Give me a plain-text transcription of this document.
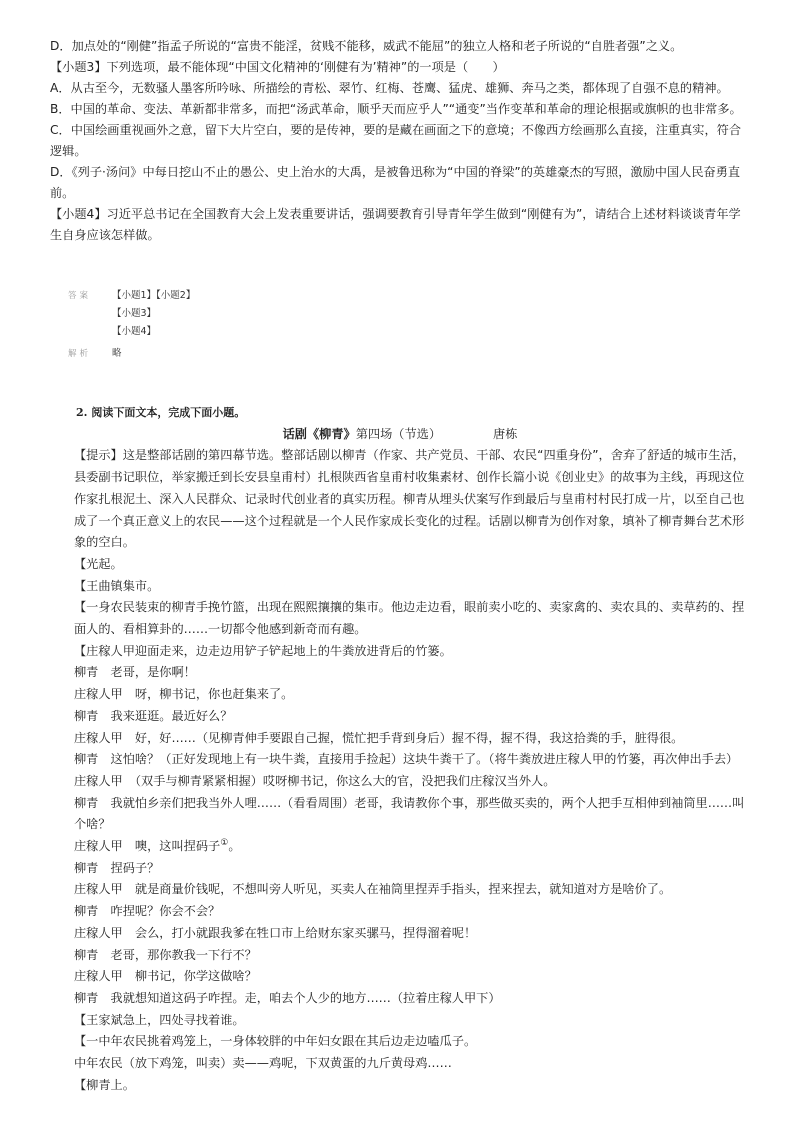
D．加点处的“刚健”指孟子所说的“富贵不能淫，贫贱不能移，威武不能屈”的独立人格和老子所说的“自胜者强”之义。

【小题3】下列选项，最不能体现“中国文化精神的‘刚健有为’精神”的一项是（　　）

A．从古至今，无数骚人墨客所吟咏、所描绘的青松、翠竹、红梅、苍鹰、猛虎、雄狮、奔马之类，都体现了自强不息的精神。

B．中国的革命、变法、革新都非常多，而把“汤武革命，顺乎天而应乎人”“通变”当作变革和革命的理论根据或旗帜的也非常多。

C．中国绘画重视画外之意，留下大片空白，要的是传神，要的是藏在画面之下的意境；不像西方绘画那么直接，注重真实，符合逻辑。

D．《列子·汤问》中每日挖山不止的愚公、史上治水的大禹，是被鲁迅称为“中国的脊梁”的英雄豪杰的写照，激励中国人民奋勇直前。

【小题4】习近平总书记在全国教育大会上发表重要讲话，强调要教育引导青年学生做到“刚健有为”，请结合上述材料谈谈青年学生自身应该怎样做。

答案 【小题1】【小题2】
【小题3】
【小题4】
解析 略

2. 阅读下面文本，完成下面小题。

话剧《柳青》第四场（节选）	唐栋

【提示】这是整部话剧的第四幕节选。整部话剧以柳青（作家、共产党员、干部、农民“四重身份”，舍弃了舒适的城市生活，县委副书记职位，举家搬迁到长安县皇甫村）扎根陕西省皇甫村收集素材、创作长篇小说《创业史》的故事为主线，再现这位作家扎根泥土、深入人民群众、记录时代创业者的真实历程。柳青从埋头伏案写作到最后与皇甫村村民打成一片，以至自己也成了一个真正意义上的农民——这个过程就是一个人民作家成长变化的过程。话剧以柳青为创作对象，填补了柳青舞台艺术形象的空白。

【光起。

【王曲镇集市。

【一身农民装束的柳青手挽竹篮，出现在熙熙攘攘的集市。他边走边看，眼前卖小吃的、卖家禽的、卖农具的、卖草药的、捏面人的、看相算卦的……一切都令他感到新奇而有趣。

【庄稼人甲迎面走来，边走边用铲子铲起地上的牛粪放进背后的竹篓。

柳青　老哥，是你啊！

庄稼人甲　呀，柳书记，你也赶集来了。

柳青　我来逛逛。最近好么？

庄稼人甲　好，好……（见柳青伸手要跟自己握，慌忙把手背到身后）握不得，握不得，我这拾粪的手，脏得很。

柳青　这怕啥？（正好发现地上有一块牛粪，直接用手捡起）这块牛粪干了。（将牛粪放进庄稼人甲的竹篓，再次伸出手去）

庄稼人甲　（双手与柳青紧紧相握）哎呀柳书记，你这么大的官，没把我们庄稼汉当外人。

柳青　我就怕乡亲们把我当外人哩……（看看周围）老哥，我请教你个事，那些做买卖的，两个人把手互相伸到袖筒里……叫个啥？

庄稼人甲　噢，这叫捏码子①。

柳青　捏码子？

庄稼人甲　就是商量价钱呢，不想叫旁人听见，买卖人在袖筒里捏弄手指头，捏来捏去，就知道对方是啥价了。

柳青　咋捏呢？你会不会？

庄稼人甲　会么，打小就跟我爹在牲口市上给财东家买骡马，捏得溜着呢！

柳青　老哥，那你教我一下行不？

庄稼人甲　柳书记，你学这做啥？

柳青　我就想知道这码子咋捏。走，咱去个人少的地方……（拉着庄稼人甲下）

【王家斌急上，四处寻找着谁。

【一中年农民挑着鸡笼上，一身体较胖的中年妇女跟在其后边走边嗑瓜子。

中年农民（放下鸡笼，叫卖）卖——鸡呢，下双黄蛋的九斤黄母鸡……

【柳青上。
